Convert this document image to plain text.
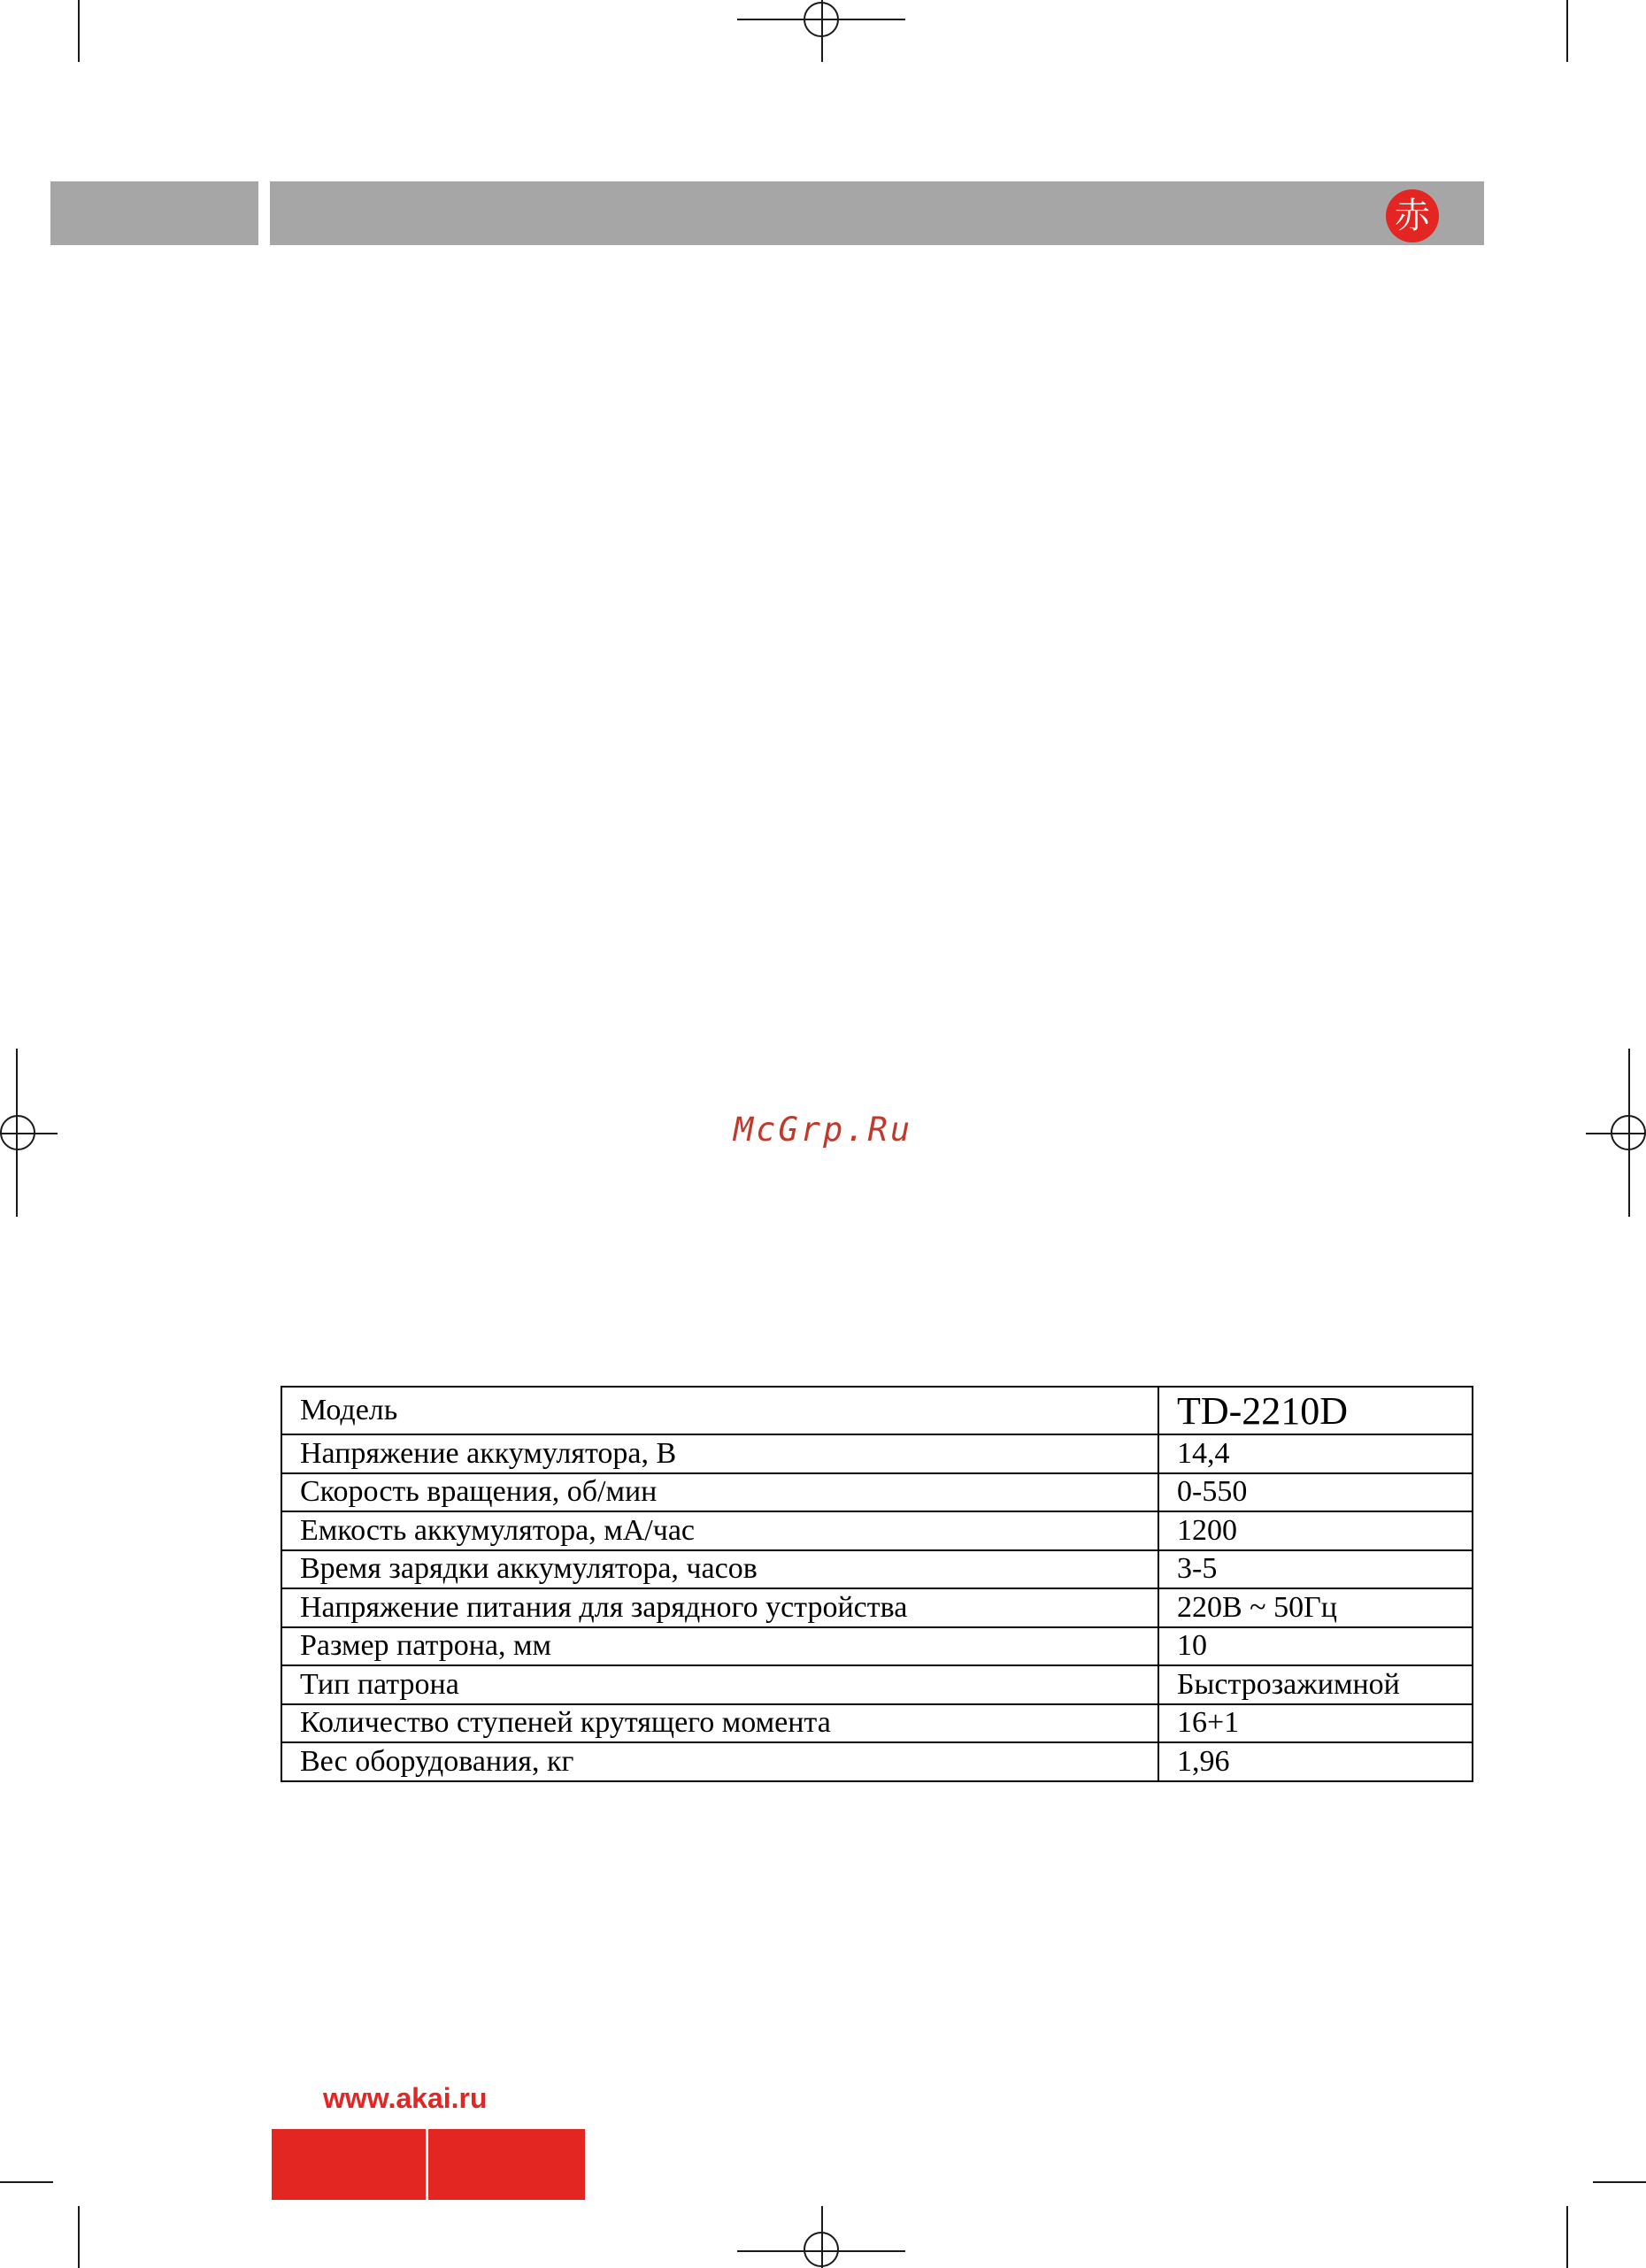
赤
McGrp.Ru
Модель	TD-2210D
Напряжение аккумулятора, В	14,4
Скорость вращения, об/мин	0-550
Емкость аккумулятора, мА/час	1200
Время зарядки аккумулятора, часов	3-5
Напряжение питания для зарядного устройства	220В ~ 50Гц
Размер патрона, мм	10
Тип патрона	Быстрозажимной
Количество ступеней крутящего момента	16+1
Вес оборудования, кг	1,96
www.akai.ru
